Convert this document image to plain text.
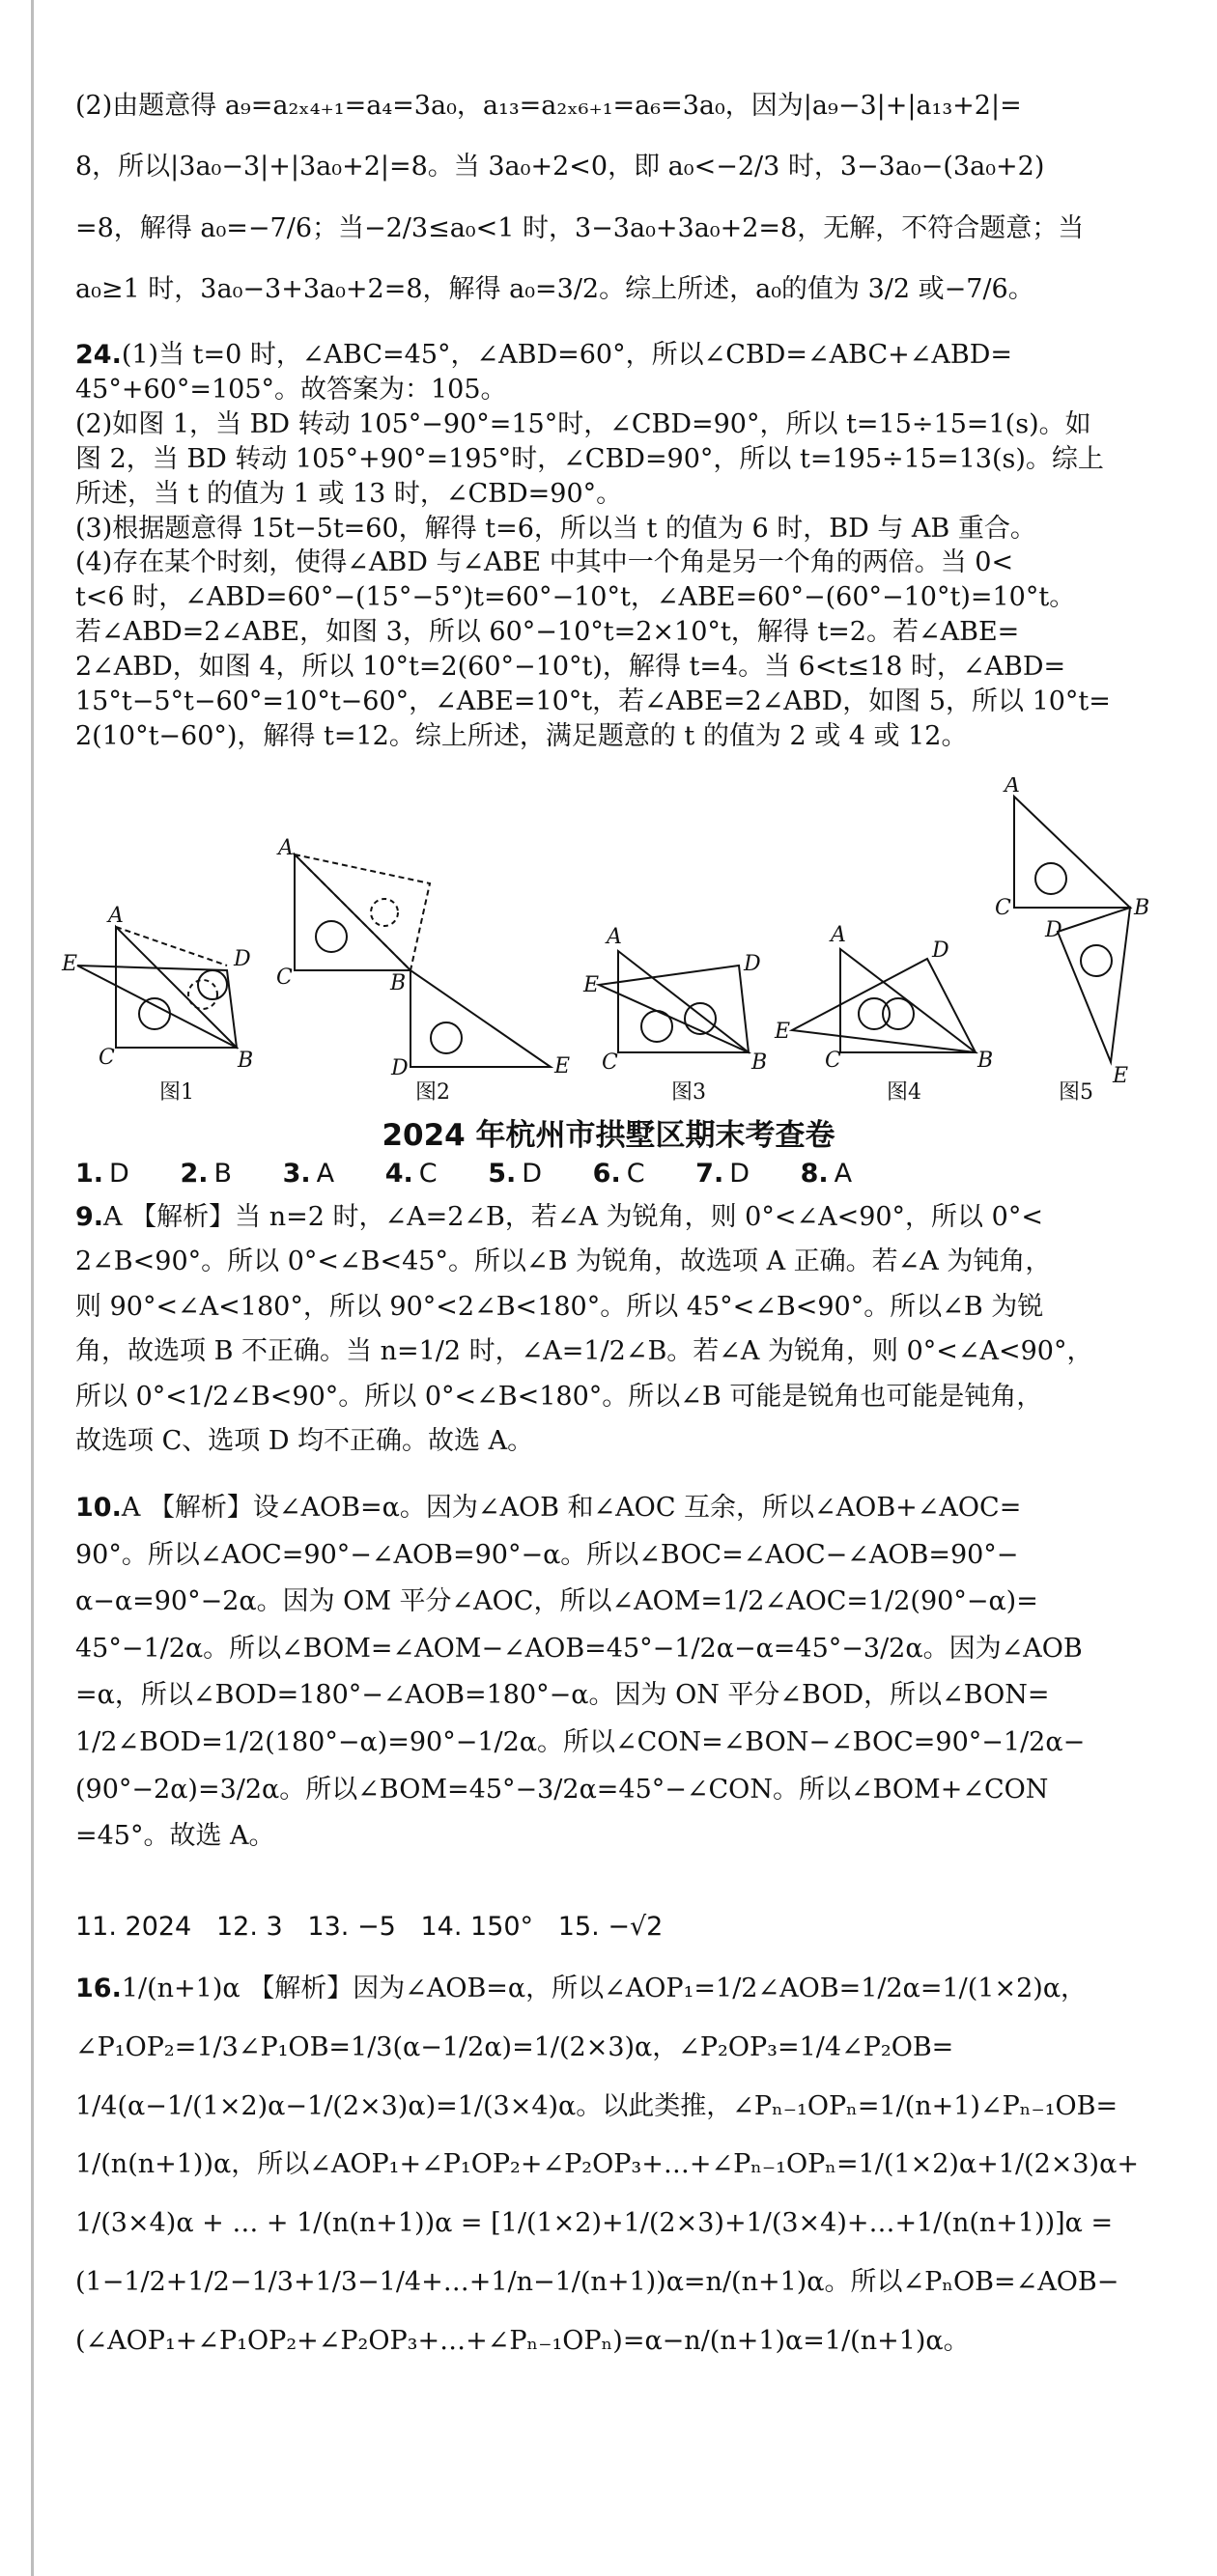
(2)由题意得 a₉=a₂ₓ₄₊₁=a₄=3a₀，a₁₃=a₂ₓ₆₊₁=a₆=3a₀，因为|a₉−3|+|a₁₃+2|=

8，所以|3a₀−3|+|3a₀+2|=8。当 3a₀+2<0，即 a₀<−2/3 时，3−3a₀−(3a₀+2)

=8，解得 a₀=−7/6；当−2/3≤a₀<1 时，3−3a₀+3a₀+2=8，无解，不符合题意；当

a₀≥1 时，3a₀−3+3a₀+2=8，解得 a₀=3/2。综上所述，a₀的值为 3/2 或−7/6。

24.(1)当 t=0 时，∠ABC=45°，∠ABD=60°，所以∠CBD=∠ABC+∠ABD=

45°+60°=105°。故答案为：105。

(2)如图 1，当 BD 转动 105°−90°=15°时，∠CBD=90°，所以 t=15÷15=1(s)。如

图 2，当 BD 转动 105°+90°=195°时，∠CBD=90°，所以 t=195÷15=13(s)。综上

所述，当 t 的值为 1 或 13 时，∠CBD=90°。

(3)根据题意得 15t−5t=60，解得 t=6，所以当 t 的值为 6 时，BD 与 AB 重合。

(4)存在某个时刻，使得∠ABD 与∠ABE 中其中一个角是另一个角的两倍。当 0<

t<6 时，∠ABD=60°−(15°−5°)t=60°−10°t，∠ABE=60°−(60°−10°t)=10°t。

若∠ABD=2∠ABE，如图 3，所以 60°−10°t=2×10°t，解得 t=2。若∠ABE=

2∠ABD，如图 4，所以 10°t=2(60°−10°t)，解得 t=4。当 6<t≤18 时，∠ABD=

15°t−5°t−60°=10°t−60°，∠ABE=10°t，若∠ABE=2∠ABD，如图 5，所以 10°t=

2(10°t−60°)，解得 t=12。综上所述，满足题意的 t 的值为 2 或 4 或 12。

A
E	D
C	B
A
C	B
D	E
A
E
D
C	B
A
D
E
C	B
A
C	B
D
E
图1	图2	图3	图4	图5
2024 年杭州市拱墅区期末考查卷
1. D 2. B 3. A 4. C 5. D 6. C 7. D 8. A

9.A 【解析】当 n=2 时，∠A=2∠B，若∠A 为锐角，则 0°<∠A<90°，所以 0°<

2∠B<90°。所以 0°<∠B<45°。所以∠B 为锐角，故选项 A 正确。若∠A 为钝角，

则 90°<∠A<180°，所以 90°<2∠B<180°。所以 45°<∠B<90°。所以∠B 为锐

角，故选项 B 不正确。当 n=1/2 时，∠A=1/2∠B。若∠A 为锐角，则 0°<∠A<90°，

所以 0°<1/2∠B<90°。所以 0°<∠B<180°。所以∠B 可能是锐角也可能是钝角，

故选项 C、选项 D 均不正确。故选 A。

10.A 【解析】设∠AOB=α。因为∠AOB 和∠AOC 互余，所以∠AOB+∠AOC=

90°。所以∠AOC=90°−∠AOB=90°−α。所以∠BOC=∠AOC−∠AOB=90°−

α−α=90°−2α。因为 OM 平分∠AOC，所以∠AOM=1/2∠AOC=1/2(90°−α)=

45°−1/2α。所以∠BOM=∠AOM−∠AOB=45°−1/2α−α=45°−3/2α。因为∠AOB

=α，所以∠BOD=180°−∠AOB=180°−α。因为 ON 平分∠BOD，所以∠BON=

1/2∠BOD=1/2(180°−α)=90°−1/2α。所以∠CON=∠BON−∠BOC=90°−1/2α−

(90°−2α)=3/2α。所以∠BOM=45°−3/2α=45°−∠CON。所以∠BOM+∠CON

=45°。故选 A。

11. 2024   12. 3   13. −5   14. 150°   15. −√2

16.1/(n+1)α 【解析】因为∠AOB=α，所以∠AOP₁=1/2∠AOB=1/2α=1/(1×2)α，

∠P₁OP₂=1/3∠P₁OB=1/3(α−1/2α)=1/(2×3)α，∠P₂OP₃=1/4∠P₂OB=

1/4(α−1/(1×2)α−1/(2×3)α)=1/(3×4)α。以此类推，∠Pₙ₋₁OPₙ=1/(n+1)∠Pₙ₋₁OB=

1/(n(n+1))α，所以∠AOP₁+∠P₁OP₂+∠P₂OP₃+…+∠Pₙ₋₁OPₙ=1/(1×2)α+1/(2×3)α+

1/(3×4)α + … + 1/(n(n+1))α = [1/(1×2)+1/(2×3)+1/(3×4)+…+1/(n(n+1))]α =

(1−1/2+1/2−1/3+1/3−1/4+…+1/n−1/(n+1))α=n/(n+1)α。所以∠PₙOB=∠AOB−

(∠AOP₁+∠P₁OP₂+∠P₂OP₃+…+∠Pₙ₋₁OPₙ)=α−n/(n+1)α=1/(n+1)α。
